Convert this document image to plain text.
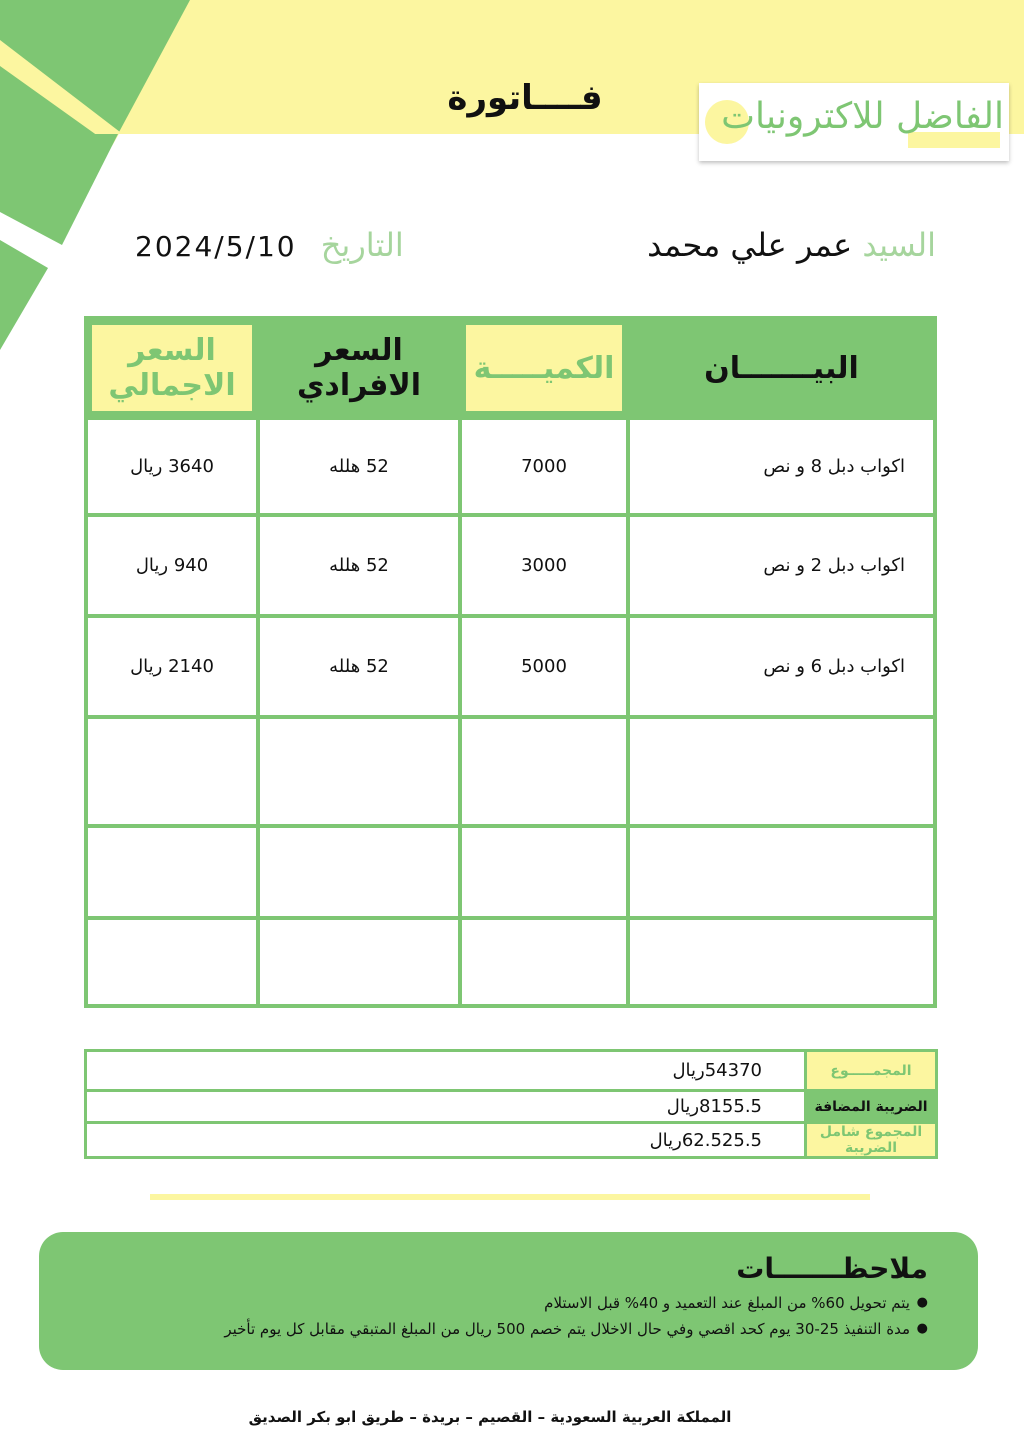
فــــاتورة	الفاضل للاكترونيات
السيد عمر علي محمد
التاريخ 2024/5/10
السعر الاجمالي	السعر الافرادي	الكميـــــة	البيـــــــان
3640 ريال	52 هلله	7000	اكواب دبل 8 و نص
940 ريال	52 هلله	3000	اكواب دبل 2 و نص
2140 ريال	52 هلله	5000	اكواب دبل 6 و نص

ريال54370	المجمـــــوع
ريال8155.5	الضريبة المضافة
ريال62.525.5	المجموع شامل الضريبة
ملاحظـــــــات
● يتم تحويل 60% من المبلغ عند التعميد و 40% قبل الاستلام
● مدة التنفيذ 25-30 يوم كحد اقصي وفي حال الاخلال يتم خصم 500 ريال من المبلغ المتبقي مقابل كل يوم تأخير
المملكة العربية السعودية – القصيم – بريدة – طريق ابو بكر الصديق
